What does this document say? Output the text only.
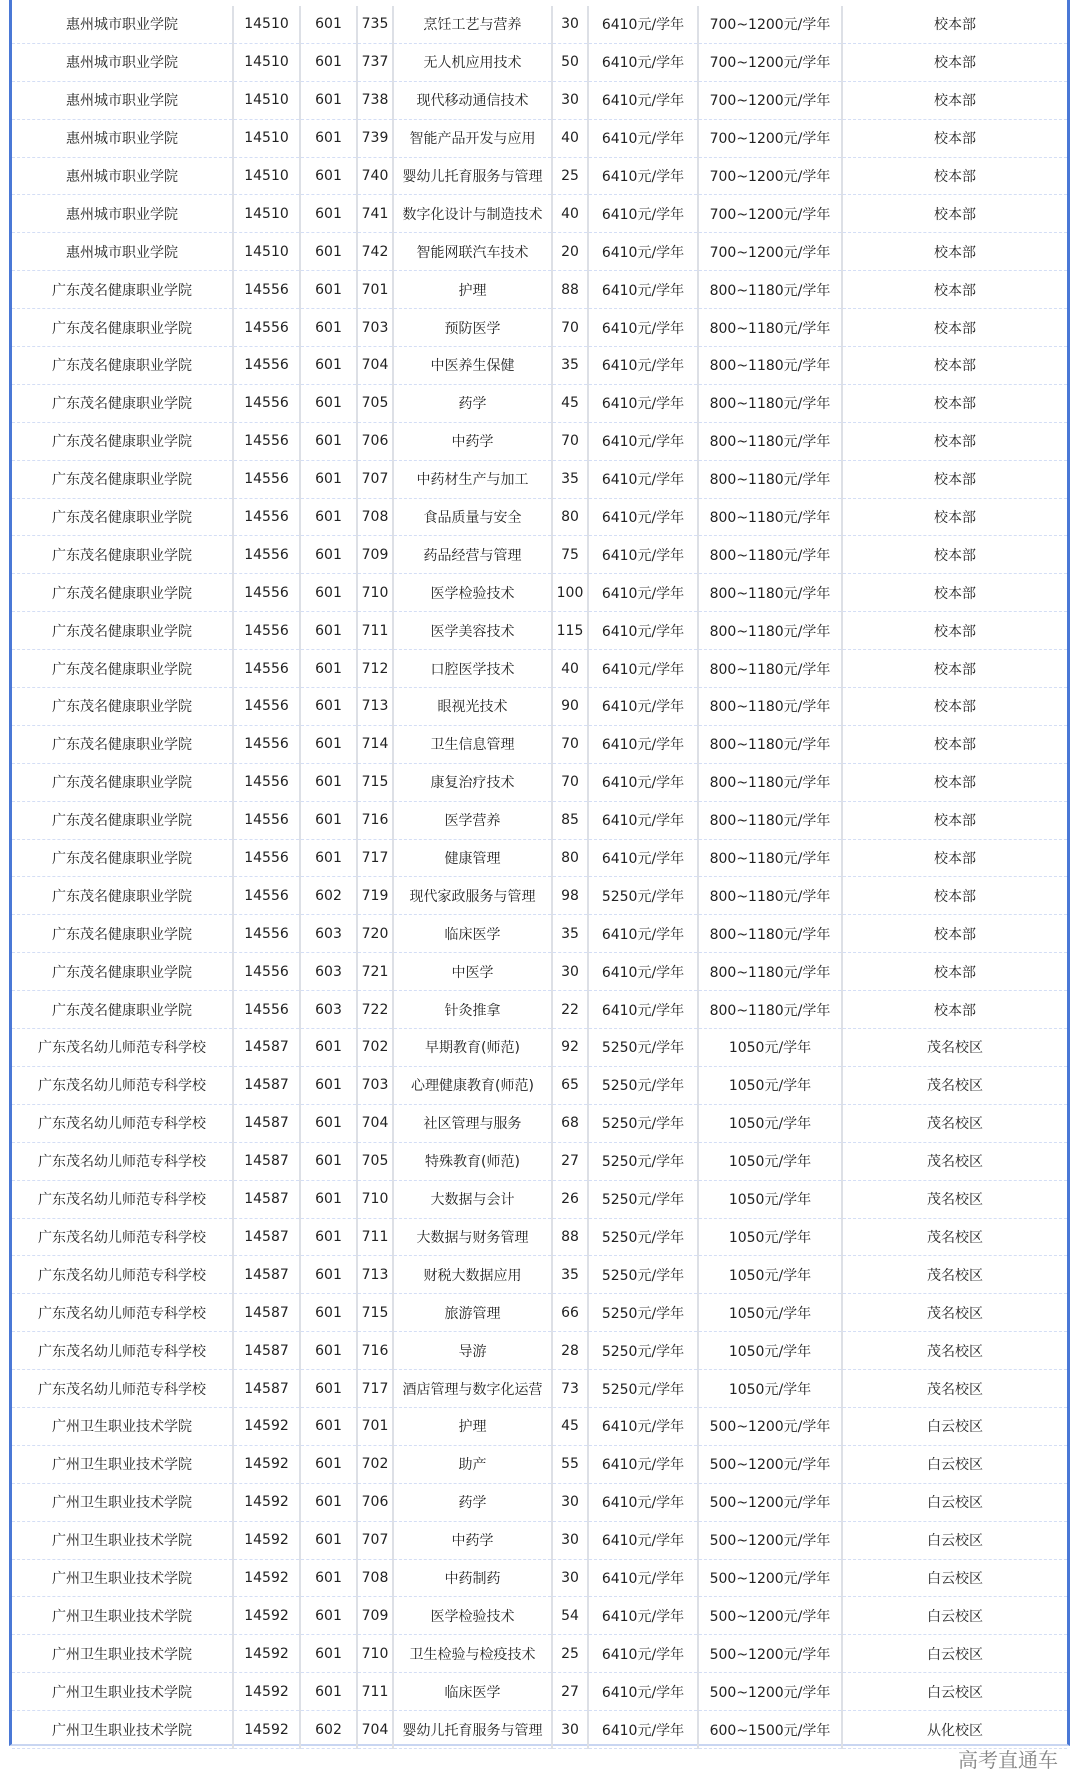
惠州城市职业学院	14510	601	735	烹饪工艺与营养	30	6410元/学年	700~1200元/学年	校本部
惠州城市职业学院	14510	601	737	无人机应用技术	50	6410元/学年	700~1200元/学年	校本部
惠州城市职业学院	14510	601	738	现代移动通信技术	30	6410元/学年	700~1200元/学年	校本部
惠州城市职业学院	14510	601	739	智能产品开发与应用	40	6410元/学年	700~1200元/学年	校本部
惠州城市职业学院	14510	601	740	婴幼儿托育服务与管理	25	6410元/学年	700~1200元/学年	校本部
惠州城市职业学院	14510	601	741	数字化设计与制造技术	40	6410元/学年	700~1200元/学年	校本部
惠州城市职业学院	14510	601	742	智能网联汽车技术	20	6410元/学年	700~1200元/学年	校本部
广东茂名健康职业学院	14556	601	701	护理	88	6410元/学年	800~1180元/学年	校本部
广东茂名健康职业学院	14556	601	703	预防医学	70	6410元/学年	800~1180元/学年	校本部
广东茂名健康职业学院	14556	601	704	中医养生保健	35	6410元/学年	800~1180元/学年	校本部
广东茂名健康职业学院	14556	601	705	药学	45	6410元/学年	800~1180元/学年	校本部
广东茂名健康职业学院	14556	601	706	中药学	70	6410元/学年	800~1180元/学年	校本部
广东茂名健康职业学院	14556	601	707	中药材生产与加工	35	6410元/学年	800~1180元/学年	校本部
广东茂名健康职业学院	14556	601	708	食品质量与安全	80	6410元/学年	800~1180元/学年	校本部
广东茂名健康职业学院	14556	601	709	药品经营与管理	75	6410元/学年	800~1180元/学年	校本部
广东茂名健康职业学院	14556	601	710	医学检验技术	100	6410元/学年	800~1180元/学年	校本部
广东茂名健康职业学院	14556	601	711	医学美容技术	115	6410元/学年	800~1180元/学年	校本部
广东茂名健康职业学院	14556	601	712	口腔医学技术	40	6410元/学年	800~1180元/学年	校本部
广东茂名健康职业学院	14556	601	713	眼视光技术	90	6410元/学年	800~1180元/学年	校本部
广东茂名健康职业学院	14556	601	714	卫生信息管理	70	6410元/学年	800~1180元/学年	校本部
广东茂名健康职业学院	14556	601	715	康复治疗技术	70	6410元/学年	800~1180元/学年	校本部
广东茂名健康职业学院	14556	601	716	医学营养	85	6410元/学年	800~1180元/学年	校本部
广东茂名健康职业学院	14556	601	717	健康管理	80	6410元/学年	800~1180元/学年	校本部
广东茂名健康职业学院	14556	602	719	现代家政服务与管理	98	5250元/学年	800~1180元/学年	校本部
广东茂名健康职业学院	14556	603	720	临床医学	35	6410元/学年	800~1180元/学年	校本部
广东茂名健康职业学院	14556	603	721	中医学	30	6410元/学年	800~1180元/学年	校本部
广东茂名健康职业学院	14556	603	722	针灸推拿	22	6410元/学年	800~1180元/学年	校本部
广东茂名幼儿师范专科学校	14587	601	702	早期教育(师范)	92	5250元/学年	1050元/学年	茂名校区
广东茂名幼儿师范专科学校	14587	601	703	心理健康教育(师范)	65	5250元/学年	1050元/学年	茂名校区
广东茂名幼儿师范专科学校	14587	601	704	社区管理与服务	68	5250元/学年	1050元/学年	茂名校区
广东茂名幼儿师范专科学校	14587	601	705	特殊教育(师范)	27	5250元/学年	1050元/学年	茂名校区
广东茂名幼儿师范专科学校	14587	601	710	大数据与会计	26	5250元/学年	1050元/学年	茂名校区
广东茂名幼儿师范专科学校	14587	601	711	大数据与财务管理	88	5250元/学年	1050元/学年	茂名校区
广东茂名幼儿师范专科学校	14587	601	713	财税大数据应用	35	5250元/学年	1050元/学年	茂名校区
广东茂名幼儿师范专科学校	14587	601	715	旅游管理	66	5250元/学年	1050元/学年	茂名校区
广东茂名幼儿师范专科学校	14587	601	716	导游	28	5250元/学年	1050元/学年	茂名校区
广东茂名幼儿师范专科学校	14587	601	717	酒店管理与数字化运营	73	5250元/学年	1050元/学年	茂名校区
广州卫生职业技术学院	14592	601	701	护理	45	6410元/学年	500~1200元/学年	白云校区
广州卫生职业技术学院	14592	601	702	助产	55	6410元/学年	500~1200元/学年	白云校区
广州卫生职业技术学院	14592	601	706	药学	30	6410元/学年	500~1200元/学年	白云校区
广州卫生职业技术学院	14592	601	707	中药学	30	6410元/学年	500~1200元/学年	白云校区
广州卫生职业技术学院	14592	601	708	中药制药	30	6410元/学年	500~1200元/学年	白云校区
广州卫生职业技术学院	14592	601	709	医学检验技术	54	6410元/学年	500~1200元/学年	白云校区
广州卫生职业技术学院	14592	601	710	卫生检验与检疫技术	25	6410元/学年	500~1200元/学年	白云校区
广州卫生职业技术学院	14592	601	711	临床医学	27	6410元/学年	500~1200元/学年	白云校区
广州卫生职业技术学院	14592	602	704	婴幼儿托育服务与管理	30	6410元/学年	600~1500元/学年	从化校区
高考直通车
